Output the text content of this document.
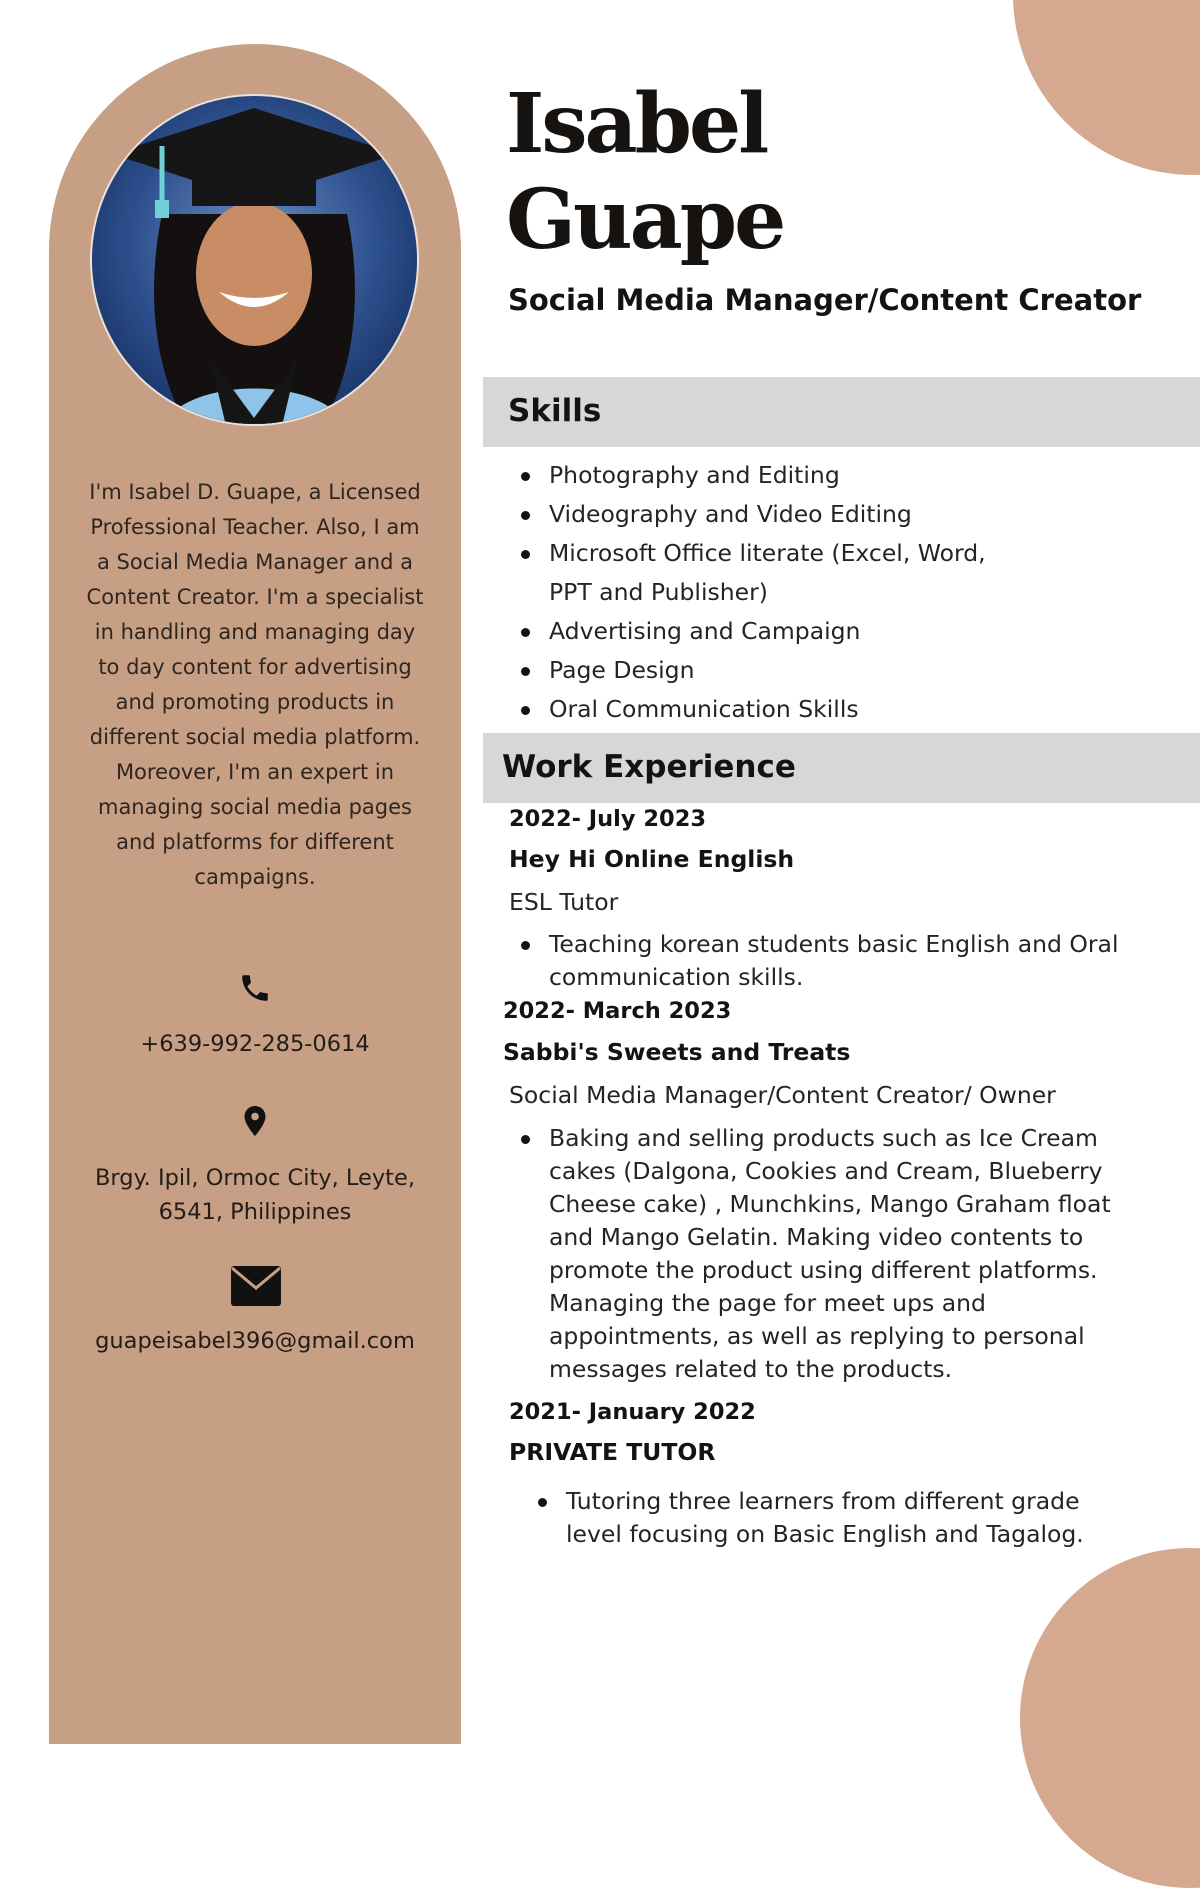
I'm Isabel D. Guape, a Licensed Professional Teacher. Also, I am a Social Media Manager and a Content Creator. I'm a specialist in handling and managing day to day content for advertising and promoting products in different social media platform. Moreover, I'm an expert in managing social media pages and platforms for different campaigns.

+639-992-285-0614
Brgy. Ipil, Ormoc City, Leyte, 6541, Philippines
guapeisabel396@gmail.com
Isabel
Guape
Social Media Manager/Content Creator
Skills
Photography and Editing
Videography and Video Editing
Microsoft Office literate (Excel, Word, PPT and Publisher)
Advertising and Campaign
Page Design
Oral Communication Skills
Work Experience

2022- July 2023

Hey Hi Online English

ESL Tutor

Teaching korean students basic English and Oral communication skills.

2022- March 2023

Sabbi's Sweets and Treats

Social Media Manager/Content Creator/ Owner

Baking and selling products such as Ice Cream cakes (Dalgona, Cookies and Cream, Blueberry Cheese cake) , Munchkins, Mango Graham float and Mango Gelatin. Making video contents to promote the product using different platforms. Managing the page for meet ups and appointments, as well as replying to personal messages related to the products.

2021- January 2022

PRIVATE TUTOR

Tutoring three learners from different grade level focusing on Basic English and Tagalog.
